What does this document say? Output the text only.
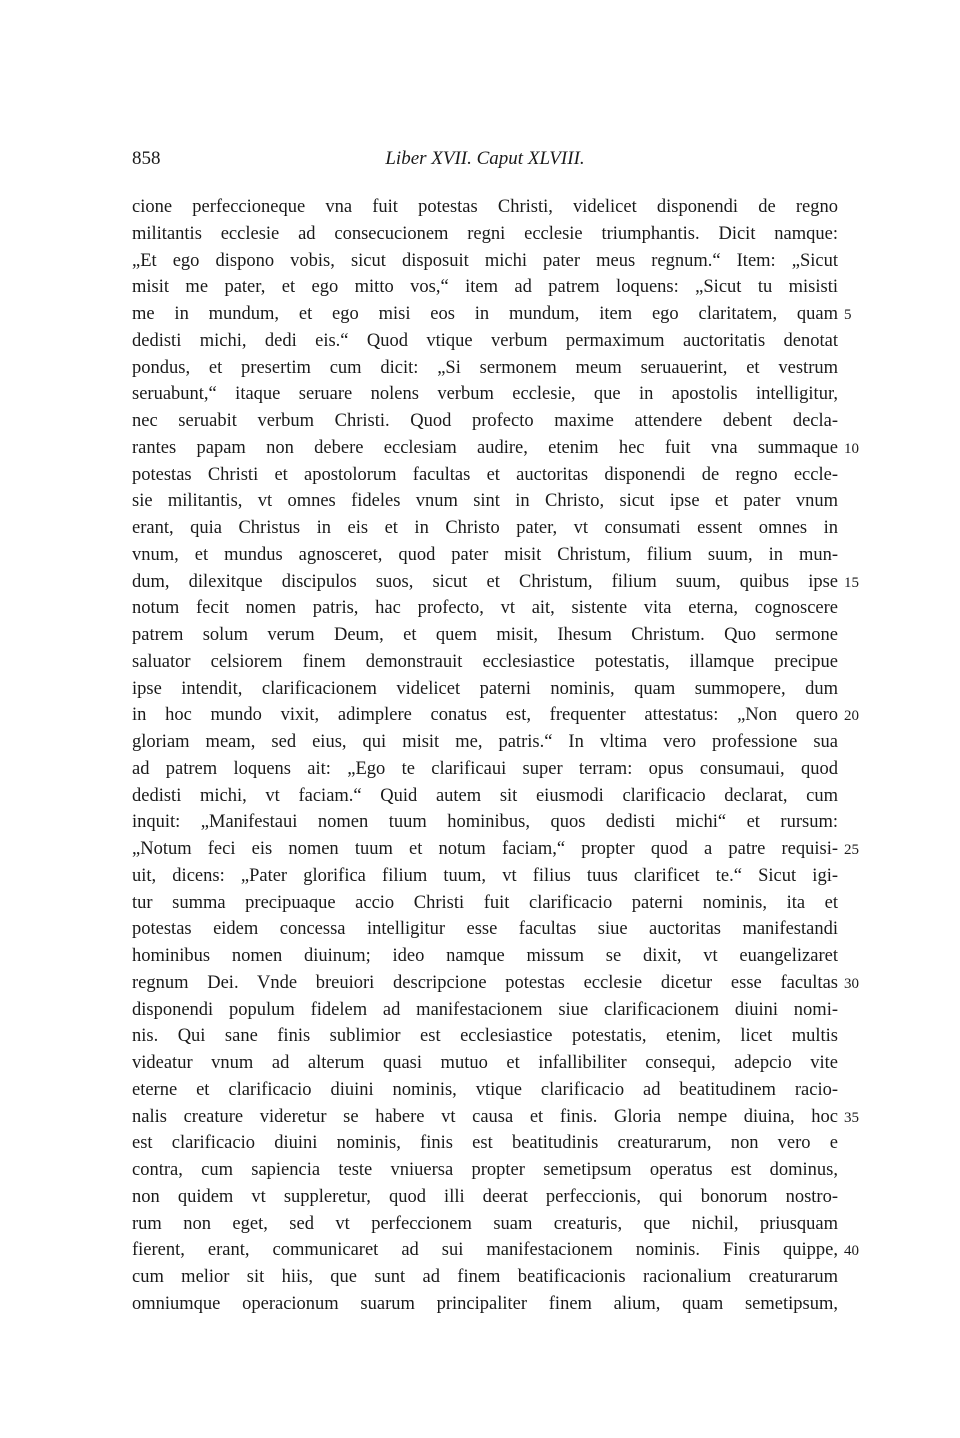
858	Liber XVII. Caput XLVIII.
cione perfeccioneque vna fuit potestas Christi, videlicet disponendi de regno
militantis ecclesie ad consecucionem regni ecclesie triumphantis. Dicit namque:
„Et ego dispono vobis, sicut disposuit michi pater meus regnum.“ Item: „Sicut
misit me pater, et ego mitto vos,“ item ad patrem loquens: „Sicut tu misisti
me in mundum, et ego misi eos in mundum, item ego claritatem, quam 5
dedisti michi, dedi eis.“ Quod vtique verbum permaximum auctoritatis denotat
pondus, et presertim cum dicit: „Si sermonem meum seruauerint, et vestrum
seruabunt,“ itaque seruare nolens verbum ecclesie, que in apostolis intelligitur,
nec seruabit verbum Christi. Quod profecto maxime attendere debent decla-
rantes papam non debere ecclesiam audire, etenim hec fuit vna summaque 10
potestas Christi et apostolorum facultas et auctoritas disponendi de regno eccle-
sie militantis, vt omnes fideles vnum sint in Christo, sicut ipse et pater vnum
erant, quia Christus in eis et in Christo pater, vt consumati essent omnes in
vnum, et mundus agnosceret, quod pater misit Christum, filium suum, in mun-
dum, dilexitque discipulos suos, sicut et Christum, filium suum, quibus ipse 15
notum fecit nomen patris, hac profecto, vt ait, sistente vita eterna, cognoscere
patrem solum verum Deum, et quem misit, Ihesum Christum. Quo sermone
saluator celsiorem finem demonstrauit ecclesiastice potestatis, illamque precipue
ipse intendit, clarificacionem videlicet paterni nominis, quam summopere, dum
in hoc mundo vixit, adimplere conatus est, frequenter attestatus: „Non quero 20
gloriam meam, sed eius, qui misit me, patris.“ In vltima vero professione sua
ad patrem loquens ait: „Ego te clarificaui super terram: opus consumaui, quod
dedisti michi, vt faciam.“ Quid autem sit eiusmodi clarificacio declarat, cum
inquit: „Manifestaui nomen tuum hominibus, quos dedisti michi“ et rursum:
„Notum feci eis nomen tuum et notum faciam,“ propter quod a patre requisi- 25
uit, dicens: „Pater glorifica filium tuum, vt filius tuus clarificet te.“ Sicut igi-
tur summa precipuaque accio Christi fuit clarificacio paterni nominis, ita et
potestas eidem concessa intelligitur esse facultas siue auctoritas manifestandi
hominibus nomen diuinum; ideo namque missum se dixit, vt euangelizaret
regnum Dei. Vnde breuiori descripcione potestas ecclesie dicetur esse facultas 30
disponendi populum fidelem ad manifestacionem siue clarificacionem diuini nomi-
nis. Qui sane finis sublimior est ecclesiastice potestatis, etenim, licet multis
videatur vnum ad alterum quasi mutuo et infallibiliter consequi, adepcio vite
eterne et clarificacio diuini nominis, vtique clarificacio ad beatitudinem racio-
nalis creature videretur se habere vt causa et finis. Gloria nempe diuina, hoc 35
est clarificacio diuini nominis, finis est beatitudinis creaturarum, non vero e
contra, cum sapiencia teste vniuersa propter semetipsum operatus est dominus,
non quidem vt suppleretur, quod illi deerat perfeccionis, qui bonorum nostro-
rum non eget, sed vt perfeccionem suam creaturis, que nichil, priusquam
fierent, erant, communicaret ad sui manifestacionem nominis. Finis quippe, 40
cum melior sit hiis, que sunt ad finem beatificacionis racionalium creaturarum
omniumque operacionum suarum principaliter finem alium, quam semetipsum,
